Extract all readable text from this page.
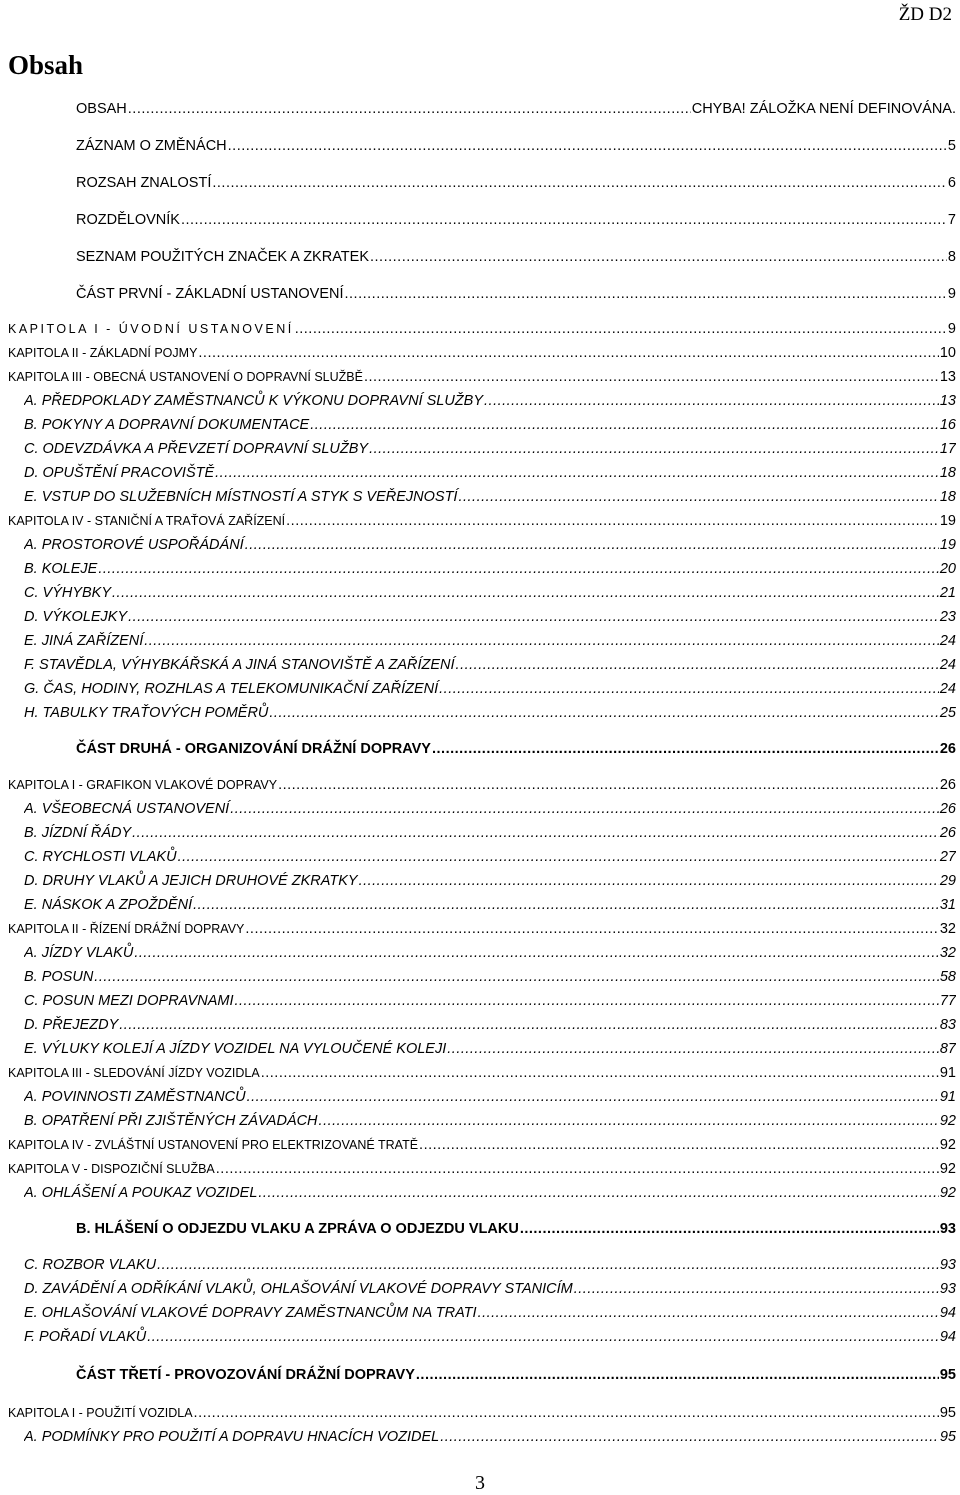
ŽD D2
Obsah
OBSAH .....	CHYBA! ZÁLOŽKA NENÍ DEFINOVÁNA.
ZÁZNAM O ZMĚNÁCH .....	5
ROZSAH ZNALOSTÍ .....	6
ROZDĚLOVNÍK .....	7
SEZNAM POUŽITÝCH ZNAČEK A ZKRATEK .....	8
ČÁST PRVNÍ - ZÁKLADNÍ USTANOVENÍ .....	9
KAPITOLA I - ÚVODNÍ USTANOVENÍ .....	9
KAPITOLA II - ZÁKLADNÍ POJMY .....	10
KAPITOLA III - OBECNÁ USTANOVENÍ O DOPRAVNÍ SLUŽBĚ .....	13
A. PŘEDPOKLADY ZAMĚSTNANCŮ K VÝKONU DOPRAVNÍ SLUŽBY .....	13
B. POKYNY A DOPRAVNÍ DOKUMENTACE .....	16
C. ODEVZDÁVKA A PŘEVZETÍ DOPRAVNÍ SLUŽBY .....	17
D. OPUŠTĚNÍ PRACOVIŠTĚ .....	18
E. VSTUP DO SLUŽEBNÍCH MÍSTNOSTÍ A STYK S VEŘEJNOSTÍ .....	18
KAPITOLA IV - STANIČNÍ A TRAŤOVÁ ZAŘÍZENÍ .....	19
A. PROSTOROVÉ USPOŘÁDÁNÍ .....	19
B. KOLEJE .....	20
C. VÝHYBKY .....	21
D. VÝKOLEJKY .....	23
E. JINÁ ZAŘÍZENÍ .....	24
F. STAVĚDLA, VÝHYBKÁŘSKÁ A JINÁ STANOVIŠTĚ A ZAŘÍZENÍ .....	24
G. ČAS, HODINY, ROZHLAS A TELEKOMUNIKAČNÍ ZAŘÍZENÍ .....	24
H. TABULKY TRAŤOVÝCH POMĚRŮ .....	25
ČÁST DRUHÁ - ORGANIZOVÁNÍ DRÁŽNÍ DOPRAVY .....	26
KAPITOLA I - GRAFIKON VLAKOVÉ DOPRAVY .....	26
A. VŠEOBECNÁ USTANOVENÍ .....	26
B. JÍZDNÍ ŘÁDY .....	26
C. RYCHLOSTI VLAKŮ .....	27
D. DRUHY VLAKŮ A JEJICH DRUHOVÉ ZKRATKY .....	29
E. NÁSKOK A ZPOŽDĚNÍ .....	31
KAPITOLA II - ŘÍZENÍ DRÁŽNÍ DOPRAVY .....	32
A. JÍZDY VLAKŮ .....	32
B. POSUN .....	58
C. POSUN MEZI DOPRAVNAMI .....	77
D. PŘEJEZDY .....	83
E. VÝLUKY KOLEJÍ A JÍZDY VOZIDEL NA VYLOUČENÉ KOLEJI .....	87
KAPITOLA III - SLEDOVÁNÍ JÍZDY VOZIDLA .....	91
A. POVINNOSTI ZAMĚSTNANCŮ .....	91
B. OPATŘENÍ PŘI ZJIŠTĚNÝCH ZÁVADÁCH .....	92
KAPITOLA IV - ZVLÁŠTNÍ USTANOVENÍ PRO ELEKTRIZOVANÉ TRATĚ .....	92
KAPITOLA V - DISPOZIČNÍ SLUŽBA .....	92
A. OHLÁŠENÍ A POUKAZ VOZIDEL .....	92
B. HLÁŠENÍ O ODJEZDU VLAKU A ZPRÁVA O ODJEZDU VLAKU .....	93
C. ROZBOR VLAKU .....	93
D. ZAVÁDĚNÍ A ODŘÍKÁNÍ VLAKŮ, OHLAŠOVÁNÍ VLAKOVÉ DOPRAVY STANICÍM .....	93
E. OHLAŠOVÁNÍ VLAKOVÉ DOPRAVY ZAMĚSTNANCŮM NA TRATI .....	94
F. POŘADÍ VLAKŮ .....	94
ČÁST TŘETÍ - PROVOZOVÁNÍ DRÁŽNÍ DOPRAVY .....	95
KAPITOLA I - POUŽITÍ VOZIDLA .....	95
A. PODMÍNKY PRO POUŽITÍ A DOPRAVU HNACÍCH VOZIDEL .....	95
3
